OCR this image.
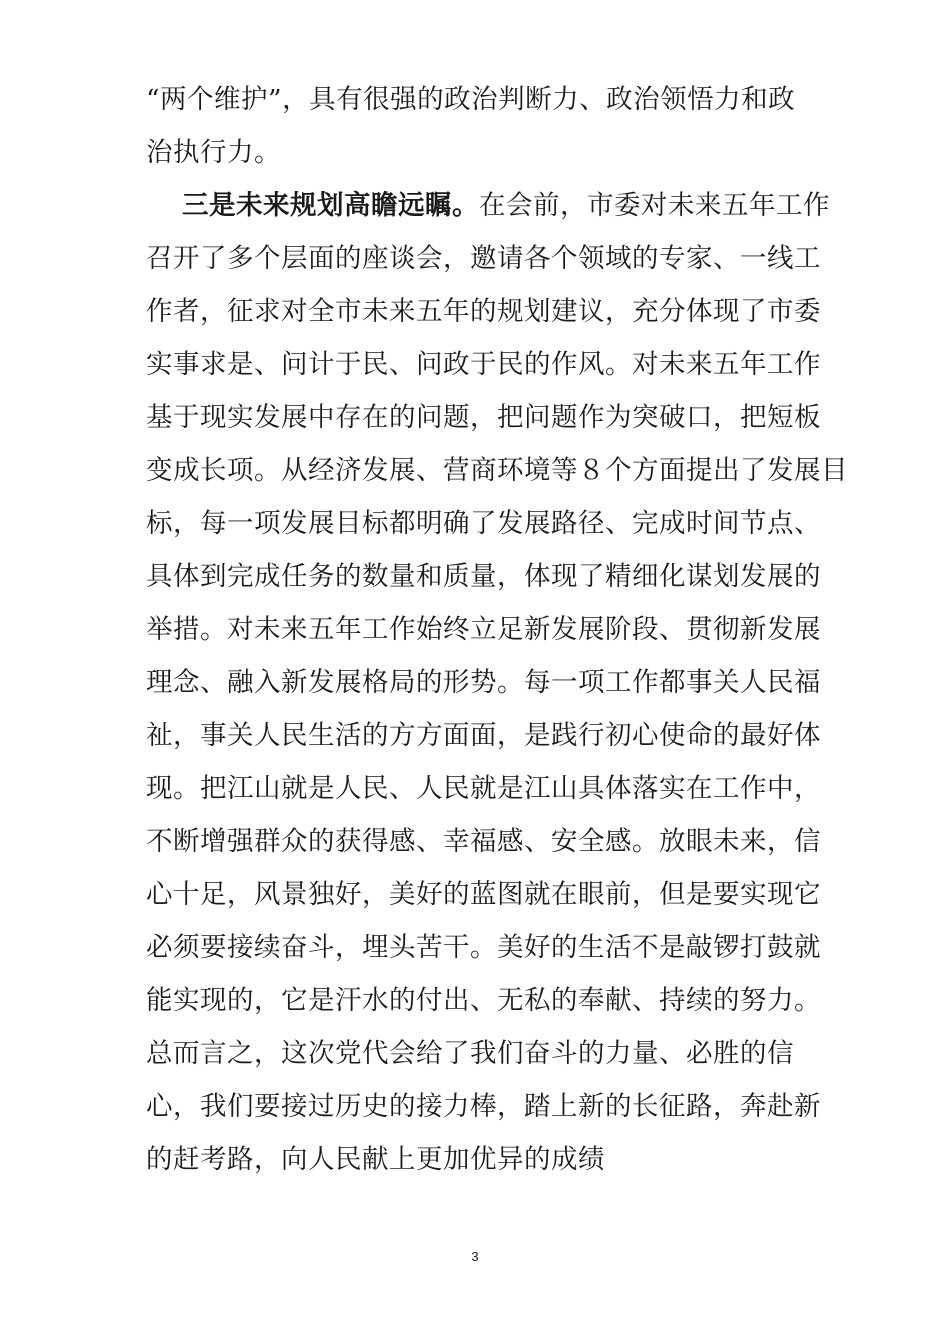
“两个维护”，具有很强的政治判断力、政治领悟力和政
治执行力。
三是未来规划高瞻远瞩。在会前，市委对未来五年工作
召开了多个层面的座谈会，邀请各个领域的专家、一线工
作者，征求对全市未来五年的规划建议，充分体现了市委
实事求是、问计于民、问政于民的作风。对未来五年工作
基于现实发展中存在的问题，把问题作为突破口，把短板
变成长项。从经济发展、营商环境等８个方面提出了发展目
标，每一项发展目标都明确了发展路径、完成时间节点、
具体到完成任务的数量和质量，体现了精细化谋划发展的
举措。对未来五年工作始终立足新发展阶段、贯彻新发展
理念、融入新发展格局的形势。每一项工作都事关人民福
祉，事关人民生活的方方面面，是践行初心使命的最好体
现。把江山就是人民、人民就是江山具体落实在工作中，
不断增强群众的获得感、幸福感、安全感。放眼未来，信
心十足，风景独好，美好的蓝图就在眼前，但是要实现它
必须要接续奋斗，埋头苦干。美好的生活不是敲锣打鼓就
能实现的，它是汗水的付出、无私的奉献、持续的努力。
总而言之，这次党代会给了我们奋斗的力量、必胜的信
心，我们要接过历史的接力棒，踏上新的长征路，奔赴新
的赶考路，向人民献上更加优异的成绩
3
